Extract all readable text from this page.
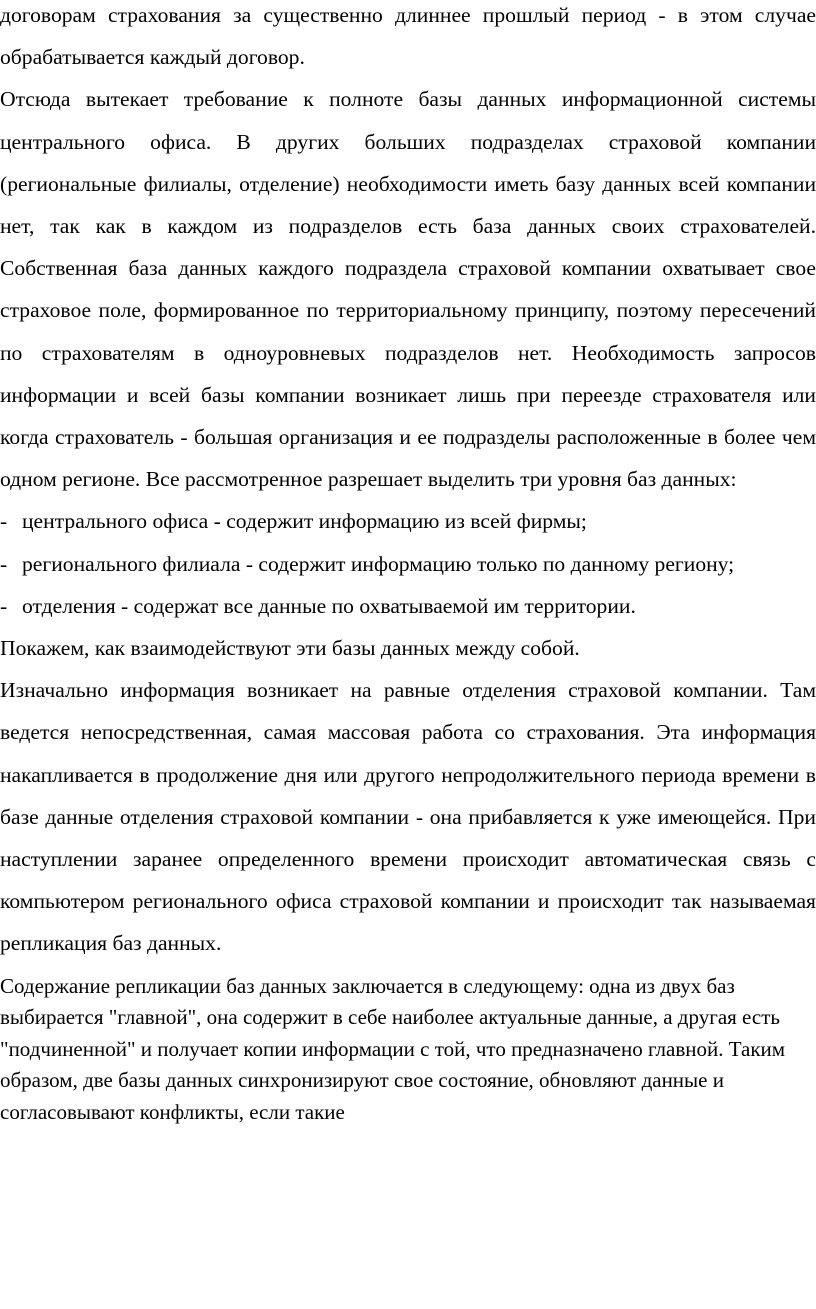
договорам страхования за существенно длиннее прошлый период - в этом случае обрабатывается каждый договор.

Отсюда вытекает требование к полноте базы данных информационной системы центрального офиса. В других больших подразделах страховой компании (региональные филиалы, отделение) необходимости иметь базу данных всей компании нет, так как в каждом из подразделов есть база данных своих страхователей. Собственная база данных каждого подраздела страховой компании охватывает свое страховое поле, формированное по территориальному принципу, поэтому пересечений по страхователям в одноуровневых подразделов нет. Необходимость запросов информации и всей базы компании возникает лишь при переезде страхователя или когда страхователь - большая организация и ее подразделы расположенные в более чем одном регионе. Все рассмотренное разрешает выделить три уровня баз данных:

- центрального офиса - содержит информацию из всей фирмы;

- регионального филиала - содержит информацию только по данному региону;

- отделения - содержат все данные по охватываемой им территории.

Покажем, как взаимодействуют эти базы данных между собой.

Изначально информация возникает на равные отделения страховой компании. Там ведется непосредственная, самая массовая работа со страхования. Эта информация накапливается в продолжение дня или другого непродолжительного периода времени в базе данные отделения страховой компании - она прибавляется к уже имеющейся. При наступлении заранее определенного времени происходит автоматическая связь с компьютером регионального офиса страховой компании и происходит так называемая репликация баз данных.

Содержание репликации баз данных заключается в следующему: одна из двух баз выбирается "главной", она содержит в себе наиболее актуальные данные, а другая есть "подчиненной" и получает копии информации с той, что предназначено главной. Таким образом, две базы данных синхронизируют свое состояние, обновляют данные и согласовывают конфликты, если такие
